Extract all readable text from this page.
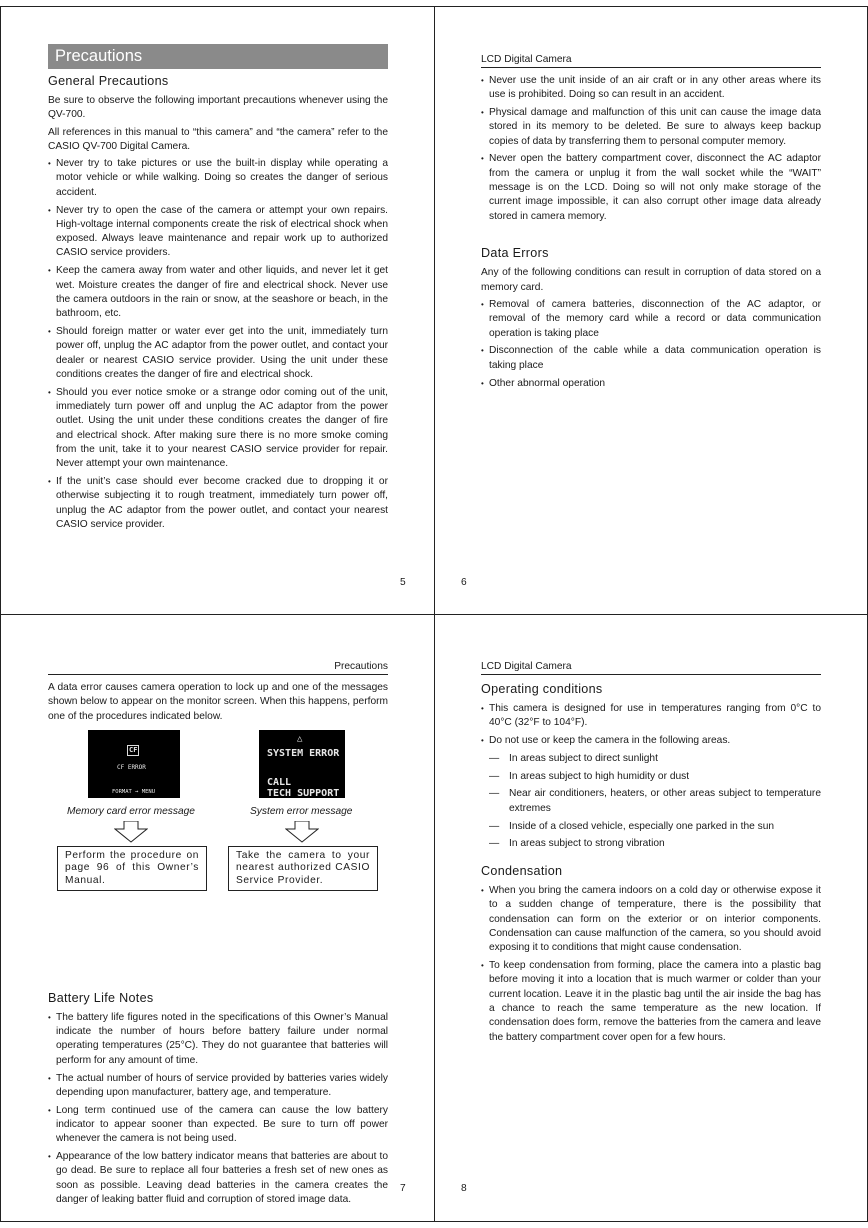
Precautions
General Precautions

Be sure to observe the following important precautions whenever using the QV-700.

All references in this manual to “this camera” and “the camera” refer to the CASIO QV-700 Digital Camera.

• Never try to take pictures or use the built-in display while operating a motor vehicle or while walking. Doing so creates the danger of serious accident.
• Never try to open the case of the camera or attempt your own repairs. High-voltage internal components create the risk of electrical shock when exposed. Always leave maintenance and repair work up to authorized CASIO service providers.
• Keep the camera away from water and other liquids, and never let it get wet. Moisture creates the danger of fire and electrical shock. Never use the camera outdoors in the rain or snow, at the seashore or beach, in the bathroom, etc.
• Should foreign matter or water ever get into the unit, immediately turn power off, unplug the AC adaptor from the power outlet, and contact your dealer or nearest CASIO service provider. Using the unit under these conditions creates the danger of fire and electrical shock.
• Should you ever notice smoke or a strange odor coming out of the unit, immediately turn power off and unplug the AC adaptor from the power outlet. Using the unit under these conditions creates the danger of fire and electrical shock. After making sure there is no more smoke coming from the unit, take it to your nearest CASIO service provider for repair. Never attempt your own maintenance.
• If the unit’s case should ever become cracked due to dropping it or otherwise subjecting it to rough treatment, immediately turn power off, unplug the AC adaptor from the power outlet, and contact your nearest CASIO service provider.
5
LCD Digital Camera
• Never use the unit inside of an air craft or in any other areas where its use is prohibited. Doing so can result in an accident.
• Physical damage and malfunction of this unit can cause the image data stored in its memory to be deleted. Be sure to always keep backup copies of data by transferring them to personal computer memory.
• Never open the battery compartment cover, disconnect the AC adaptor from the camera or unplug it from the wall socket while the “WAIT” message is on the LCD. Doing so will not only make storage of the current image impossible, it can also corrupt other image data already stored in camera memory.
Data Errors

Any of the following conditions can result in corruption of data stored on a memory card.

• Removal of camera batteries, disconnection of the AC adaptor, or removal of the memory card while a record or data communication operation is taking place
• Disconnection of the cable while a data communication operation is taking place
• Other abnormal operation
6
Precautions

A data error causes camera operation to lock up and one of the messages shown below to appear on the monitor screen. When this happens, perform one of the procedures indicated below.

CF
CF ERROR
FORMAT → MENU
△
SYSTEM ERROR
CALL
TECH SUPPORT
Memory card error message	System error message
Perform the procedure on page 96 of this Owner’s Manual.
Take the camera to your nearest authorized CASIO Service Provider.
Battery Life Notes
• The battery life figures noted in the specifications of this Owner’s Manual indicate the number of hours before battery failure under normal operating temperatures (25°C). They do not guarantee that batteries will perform for any amount of time.
• The actual number of hours of service provided by batteries varies widely depending upon manufacturer, battery age, and temperature.
• Long term continued use of the camera can cause the low battery indicator to appear sooner than expected. Be sure to turn off power whenever the camera is not being used.
• Appearance of the low battery indicator means that batteries are about to go dead. Be sure to replace all four batteries a fresh set of new ones as soon as possible. Leaving dead batteries in the camera creates the danger of leaking batter fluid and corruption of stored image data.
7
LCD Digital Camera
Operating conditions
• This camera is designed for use in temperatures ranging from 0°C to 40°C (32°F to 104°F).
• Do not use or keep the camera in the following areas.
— In areas subject to direct sunlight
— In areas subject to high humidity or dust
— Near air conditioners, heaters, or other areas subject to temperature extremes
— Inside of a closed vehicle, especially one parked in the sun
— In areas subject to strong vibration
Condensation
• When you bring the camera indoors on a cold day or otherwise expose it to a sudden change of temperature, there is the possibility that condensation can form on the exterior or on interior components. Condensation can cause malfunction of the camera, so you should avoid exposing it to conditions that might cause condensation.
• To keep condensation from forming, place the camera into a plastic bag before moving it into a location that is much warmer or colder than your current location. Leave it in the plastic bag until the air inside the bag has a chance to reach the same temperature as the new location. If condensation does form, remove the batteries from the camera and leave the battery compartment cover open for a few hours.
8
